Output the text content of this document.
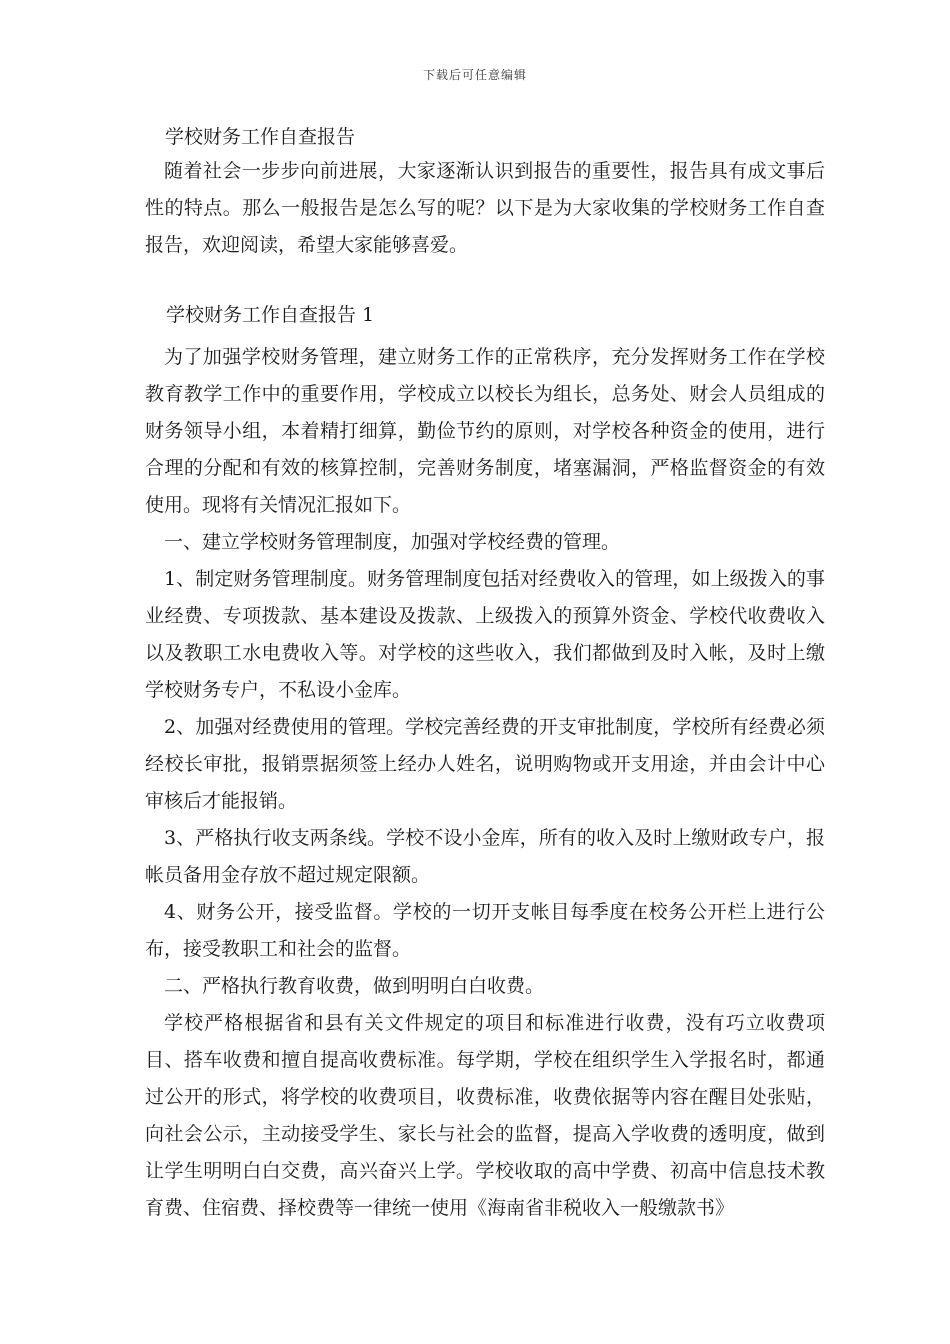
下载后可任意编辑
学校财务工作自查报告

随着社会一步步向前进展，大家逐渐认识到报告的重要性，报告具有成文事后性的特点。那么一般报告是怎么写的呢？以下是为大家收集的学校财务工作自查报告，欢迎阅读，希望大家能够喜爱。

学校财务工作自查报告 1

为了加强学校财务管理，建立财务工作的正常秩序，充分发挥财务工作在学校教育教学工作中的重要作用，学校成立以校长为组长，总务处、财会人员组成的财务领导小组，本着精打细算，勤俭节约的原则，对学校各种资金的使用，进行合理的分配和有效的核算控制，完善财务制度，堵塞漏洞，严格监督资金的有效使用。现将有关情况汇报如下。

一、建立学校财务管理制度，加强对学校经费的管理。

1、制定财务管理制度。财务管理制度包括对经费收入的管理，如上级拨入的事业经费、专项拨款、基本建设及拨款、上级拨入的预算外资金、学校代收费收入以及教职工水电费收入等。对学校的这些收入，我们都做到及时入帐，及时上缴学校财务专户，不私设小金库。

2、加强对经费使用的管理。学校完善经费的开支审批制度，学校所有经费必须经校长审批，报销票据须签上经办人姓名，说明购物或开支用途，并由会计中心审核后才能报销。

3、严格执行收支两条线。学校不设小金库，所有的收入及时上缴财政专户，报帐员备用金存放不超过规定限额。

4、财务公开，接受监督。学校的一切开支帐目每季度在校务公开栏上进行公布，接受教职工和社会的监督。

二、严格执行教育收费，做到明明白白收费。

学校严格根据省和县有关文件规定的项目和标准进行收费，没有巧立收费项目、搭车收费和擅自提高收费标准。每学期，学校在组织学生入学报名时，都通过公开的形式，将学校的收费项目，收费标准，收费依据等内容在醒目处张贴，向社会公示，主动接受学生、家长与社会的监督，提高入学收费的透明度，做到让学生明明白白交费，高兴奋兴上学。学校收取的高中学费、初高中信息技术教育费、住宿费、择校费等一律统一使用《海南省非税收入一般缴款书》
